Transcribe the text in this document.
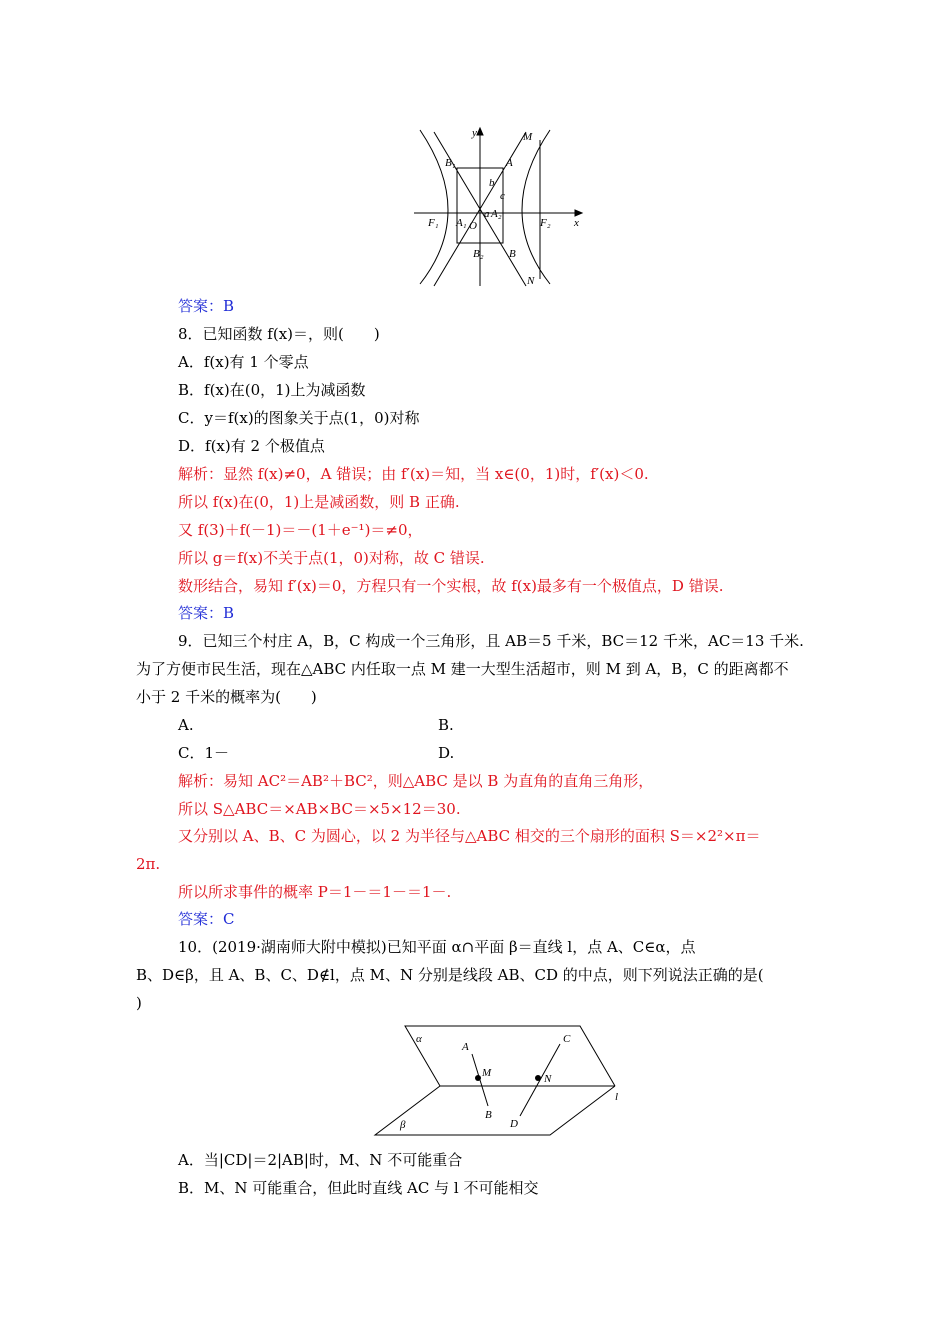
y
x
M
N
B₁	A
b
c
a
O
F₁	F₂
A₁
A₂
B₂ B
答案：B
8．已知函数 f(x)＝，则(　　)
A．f(x)有 1 个零点
B．f(x)在(0，1)上为减函数
C．y＝f(x)的图象关于点(1，0)对称
D．f(x)有 2 个极值点
解析：显然 f(x)≠0，A 错误；由 f′(x)＝知，当 x∈(0，1)时，f′(x)＜0.
所以 f(x)在(0，1)上是减函数，则 B 正确.
又 f(3)＋f(－1)＝－(1＋e⁻¹)＝≠0，
所以 g＝f(x)不关于点(1，0)对称，故 C 错误.
数形结合，易知 f′(x)＝0，方程只有一个实根，故 f(x)最多有一个极值点，D 错误.
答案：B
9．已知三个村庄 A，B，C 构成一个三角形，且 AB＝5 千米，BC＝12 千米，AC＝13 千米.
为了方便市民生活，现在△ABC 内任取一点 M 建一大型生活超市，则 M 到 A，B，C 的距离都不
小于 2 千米的概率为(　　)
A.	B.
C．1－	D.
解析：易知 AC²＝AB²＋BC²，则△ABC 是以 B 为直角的直角三角形，
所以 S△ABC＝×AB×BC＝×5×12＝30.
又分别以 A、B、C 为圆心，以 2 为半径与△ABC 相交的三个扇形的面积 S＝×2²×π＝
2π.
所以所求事件的概率 P＝1－＝1－＝1－.
答案：C
10．(2019·湖南师大附中模拟)已知平面 α∩平面 β＝直线 l，点 A、C∈α，点
B、D∈β，且 A、B、C、D∉l，点 M、N 分别是线段 AB、CD 的中点，则下列说法正确的是(
)
α
β
l
A
B
C
D
M	N
A．当|CD|＝2|AB|时，M、N 不可能重合
B．M、N 可能重合，但此时直线 AC 与 l 不可能相交
